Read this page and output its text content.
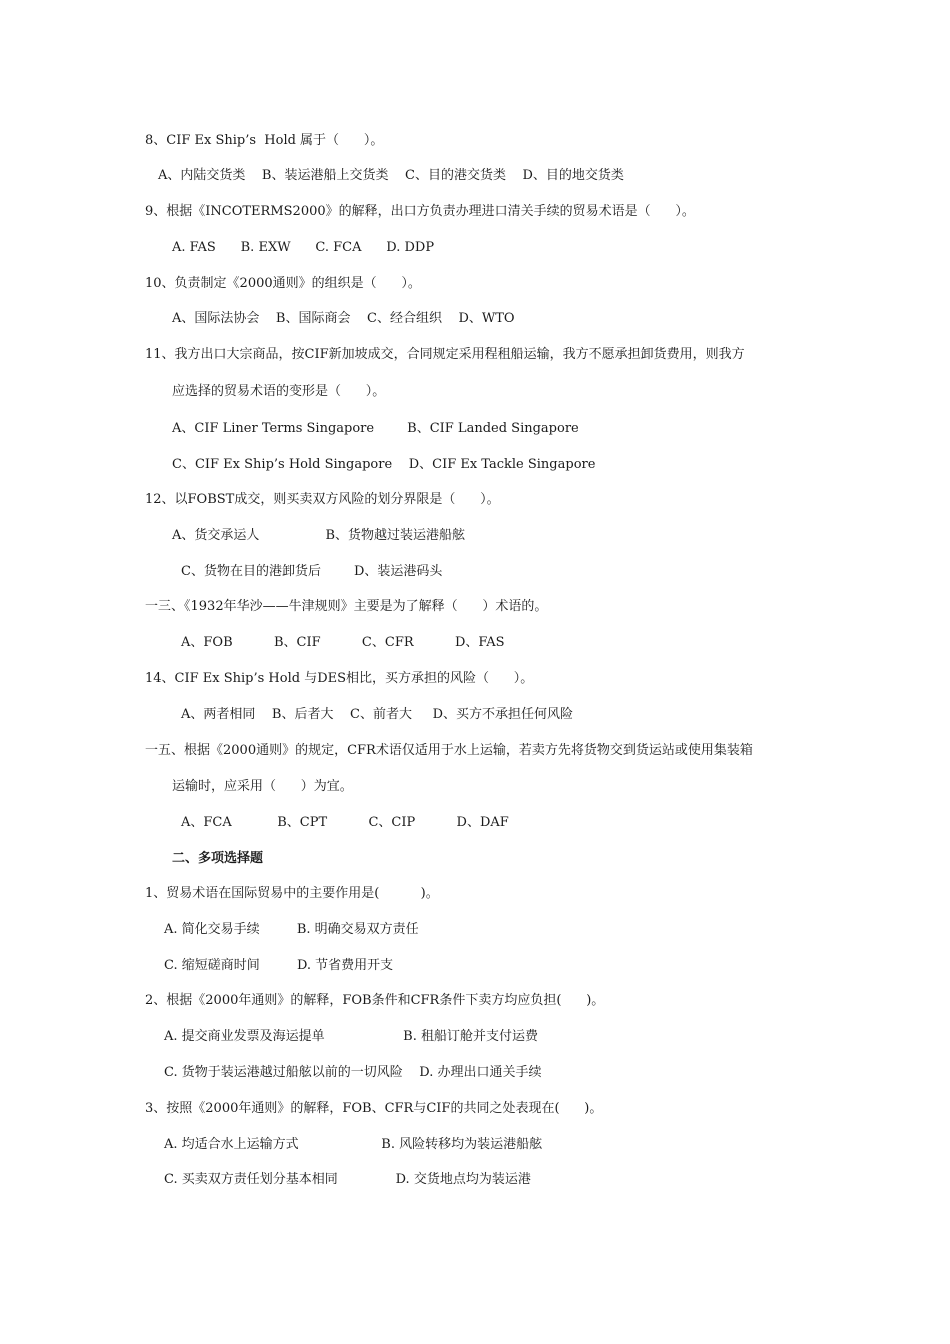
8、CIF Ex Ship’s  Hold 属于（      ）。
A、内陆交货类    B、装运港船上交货类    C、目的港交货类    D、目的地交货类
9、根据《INCOTERMS2000》的解释，出口方负责办理进口清关手续的贸易术语是（      ）。
A. FAS      B. EXW      C. FCA      D. DDP
10、负责制定《2000通则》的组织是（      ）。
A、国际法协会    B、国际商会    C、经合组织    D、WTO
11、我方出口大宗商品，按CIF新加坡成交，合同规定采用程租船运输，我方不愿承担卸货费用，则我方
应选择的贸易术语的变形是（      ）。
A、CIF Liner Terms Singapore        B、CIF Landed Singapore
C、CIF Ex Ship’s Hold Singapore    D、CIF Ex Tackle Singapore
12、以FOBST成交，则买卖双方风险的划分界限是（      ）。
A、货交承运人                B、货物越过装运港船舷
C、货物在目的港卸货后        D、装运港码头
一三、《1932年华沙——牛津规则》主要是为了解释（      ）术语的。
A、FOB          B、CIF          C、CFR          D、FAS
14、CIF Ex Ship’s Hold 与DES相比，买方承担的风险（      ）。
A、两者相同    B、后者大    C、前者大     D、买方不承担任何风险
一五、根据《2000通则》的规定，CFR术语仅适用于水上运输，若卖方先将货物交到货运站或使用集装箱
运输时，应采用（      ）为宜。
A、FCA           B、CPT          C、CIP          D、DAF
二、多项选择题
1、贸易术语在国际贸易中的主要作用是(          )。
A. 简化交易手续         B. 明确交易双方责任
C. 缩短磋商时间         D. 节省费用开支
2、根据《2000年通则》的解释，FOB条件和CFR条件下卖方均应负担(      )。
A. 提交商业发票及海运提单                   B. 租船订舱并支付运费
C. 货物于装运港越过船舷以前的一切风险    D. 办理出口通关手续
3、按照《2000年通则》的解释，FOB、CFR与CIF的共同之处表现在(      )。
A. 均适合水上运输方式                    B. 风险转移均为装运港船舷
C. 买卖双方责任划分基本相同              D. 交货地点均为装运港
